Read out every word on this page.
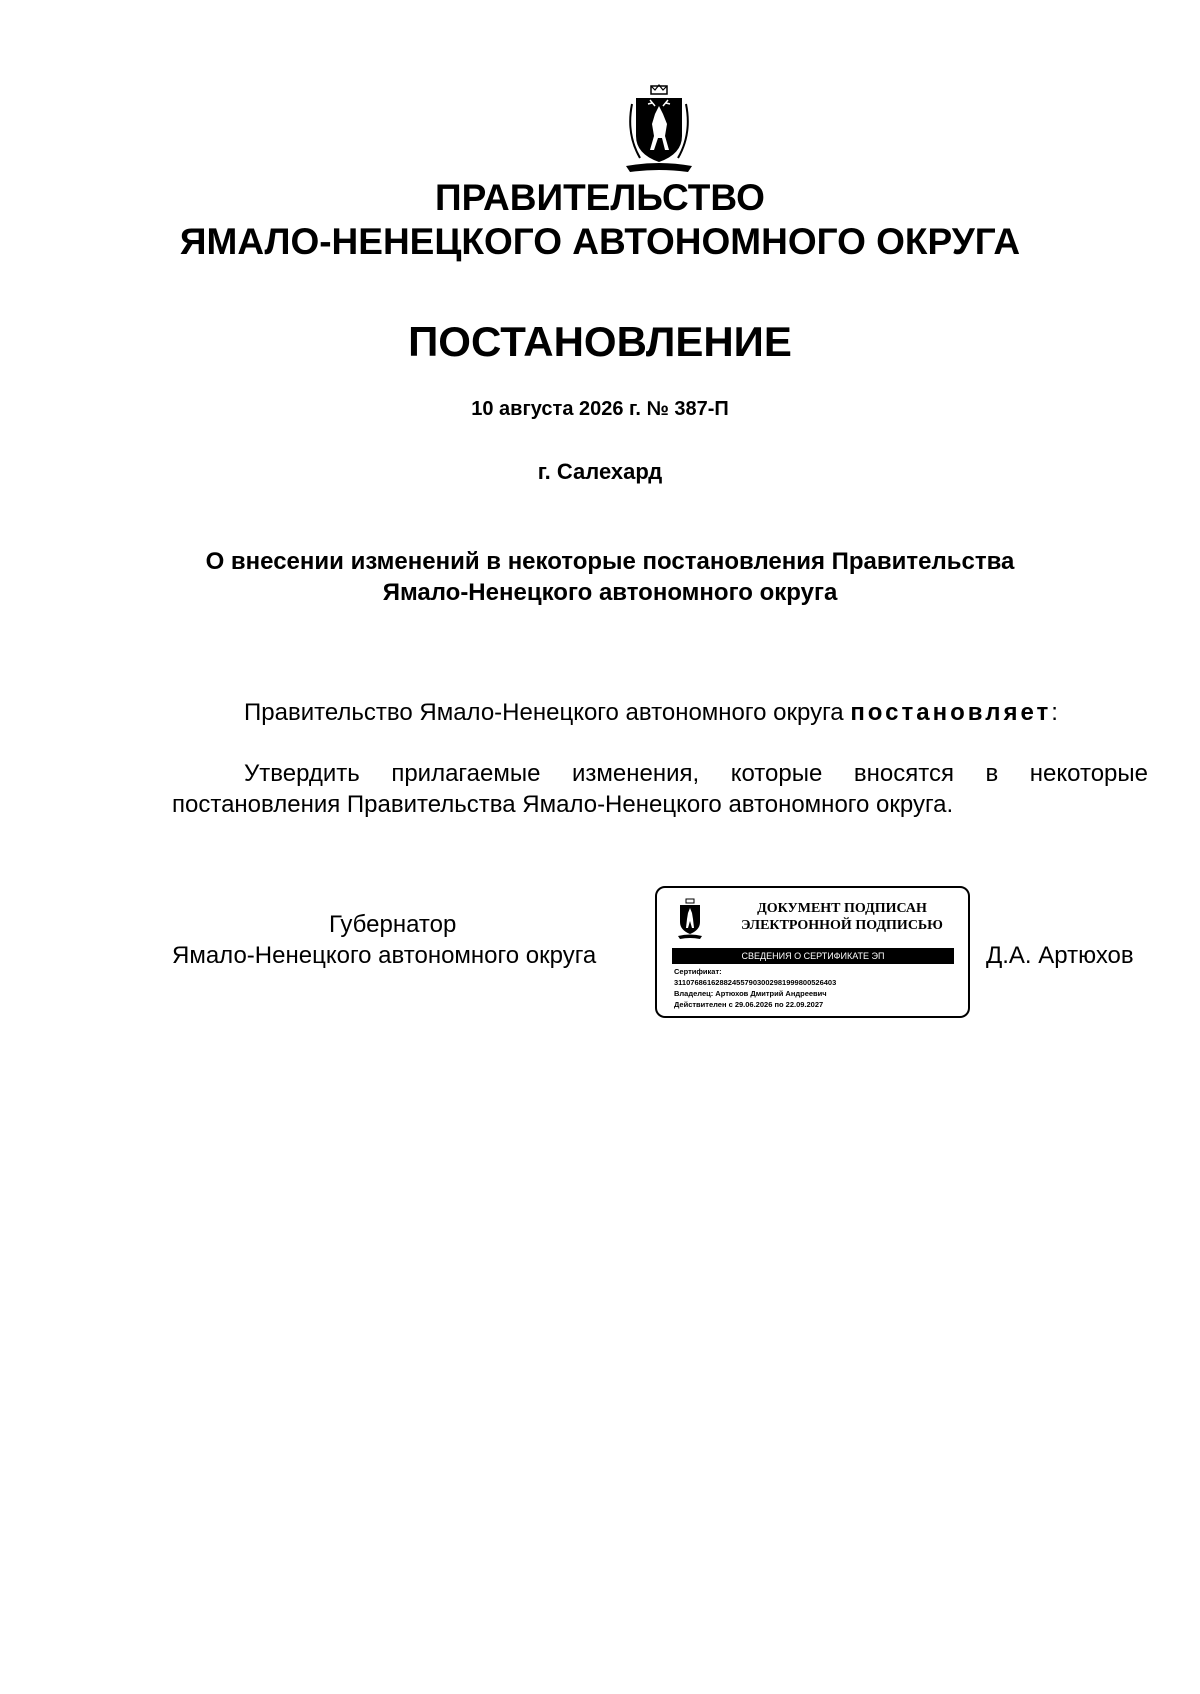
ПРАВИТЕЛЬСТВО
ЯМАЛО-НЕНЕЦКОГО АВТОНОМНОГО ОКРУГА
ПОСТАНОВЛЕНИЕ
10 августа 2026 г. № 387-П
г. Салехард
О внесении изменений в некоторые постановления Правительства
Ямало-Ненецкого автономного округа

Правительство Ямало-Ненецкого автономного округа постановляет:

Утвердить прилагаемые изменения, которые вносятся в некоторые постановления Правительства Ямало-Ненецкого автономного округа.

Губернатор
Ямало-Ненецкого автономного округа
ДОКУМЕНТ ПОДПИСАН
ЭЛЕКТРОННОЙ ПОДПИСЬЮ
СВЕДЕНИЯ О СЕРТИФИКАТЕ ЭП
Сертификат:
311076861628824557903002981999800526403
Владелец: Артюхов Дмитрий Андреевич
Действителен с 29.06.2026 по 22.09.2027
Д.А. Артюхов
